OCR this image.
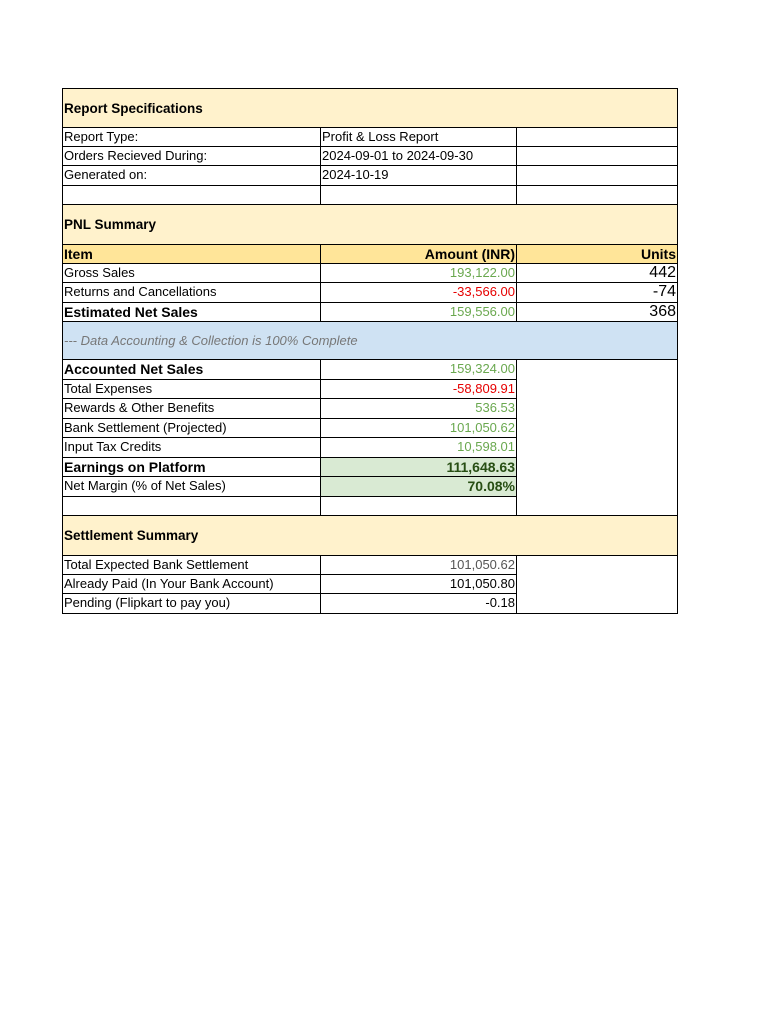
Report Specifications
Report Type:	Profit & Loss Report
Orders Recieved During:	2024-09-01 to 2024-09-30
Generated on:	2024-10-19
PNL Summary
Item	Amount (INR)	Units
Gross Sales	193,122.00	442
Returns and Cancellations	-33,566.00	-74
Estimated Net Sales	159,556.00	368
--- Data Accounting & Collection is 100% Complete
Accounted Net Sales	159,324.00
Total Expenses	-58,809.91
Rewards & Other Benefits	536.53
Bank Settlement (Projected)	101,050.62
Input Tax Credits	10,598.01
Earnings on Platform	111,648.63
Net Margin (% of Net Sales)	70.08%
Settlement Summary
Total Expected Bank Settlement	101,050.62
Already Paid (In Your Bank Account)	101,050.80
Pending (Flipkart to pay you)	-0.18
